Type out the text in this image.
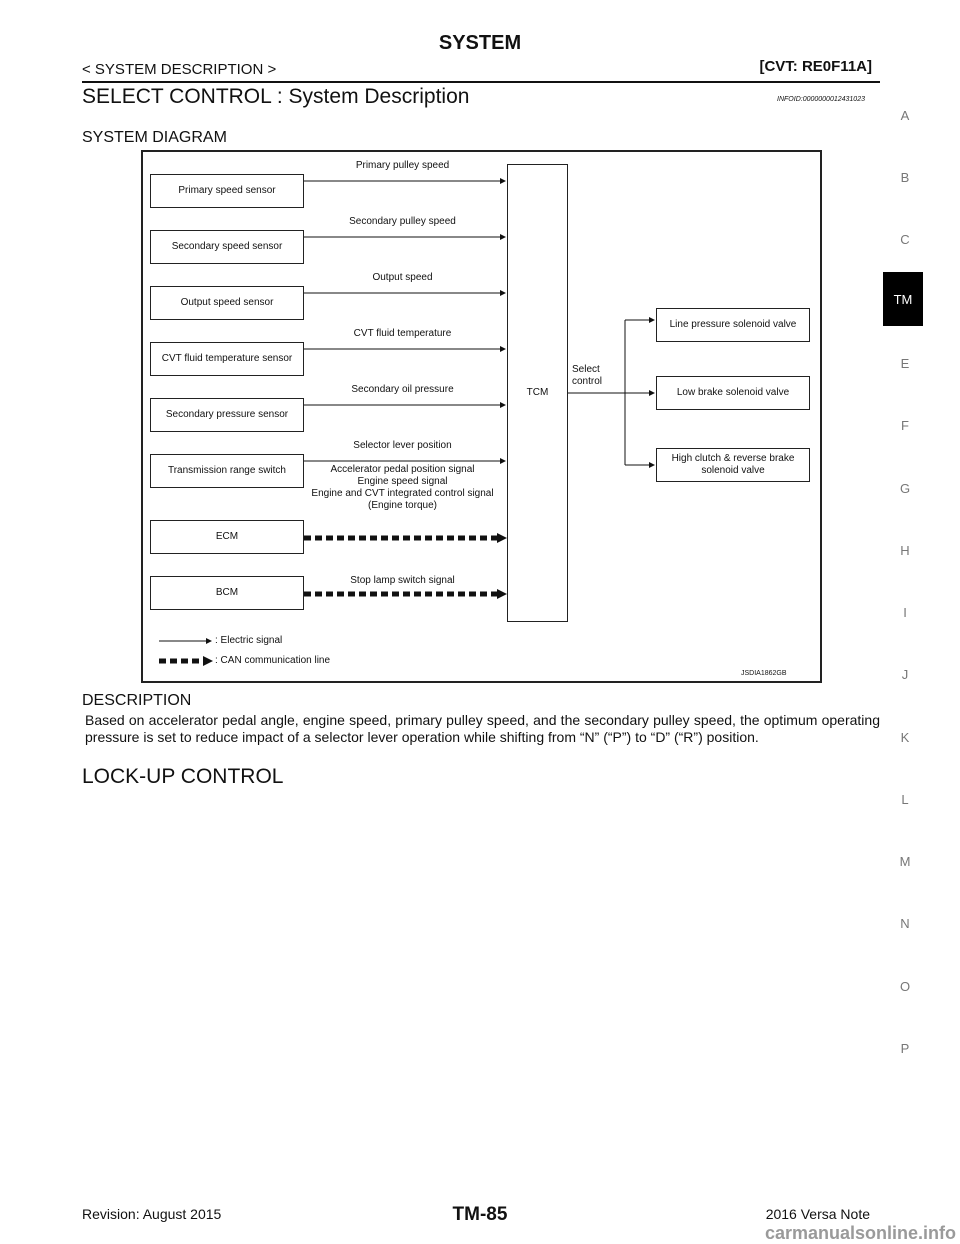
SYSTEM
< SYSTEM DESCRIPTION >	[CVT: RE0F11A]
SELECT CONTROL : System Description	INFOID:0000000012431023
SYSTEM DIAGRAM
Primary speed sensor
Primary pulley speed
Secondary speed sensor
Secondary pulley speed
Output speed sensor
Output speed
CVT fluid temperature sensor
CVT fluid temperature
Secondary pressure sensor
Secondary oil pressure
Transmission range switch
Selector lever position
ECM
Accelerator pedal position signal
Engine speed signal
Engine and CVT integrated control signal
(Engine torque)
BCM
Stop lamp switch signal
TCM
Select
control
Line pressure solenoid valve
Low brake solenoid valve
High clutch & reverse brake
solenoid valve
: Electric signal
: CAN communication line
JSDIA1862GB
DESCRIPTION
Based on accelerator pedal angle, engine speed, primary pulley speed, and the secondary pulley speed, the optimum operating pressure is set to reduce impact of a selector lever operation while shifting from “N” (“P”) to “D” (“R”) position.
LOCK-UP CONTROL
A
B
C
TM
E
F
G
H
I
J
K
L
M
N
O
P
Revision: August 2015	TM-85	2016 Versa Note
carmanualsonline.info
